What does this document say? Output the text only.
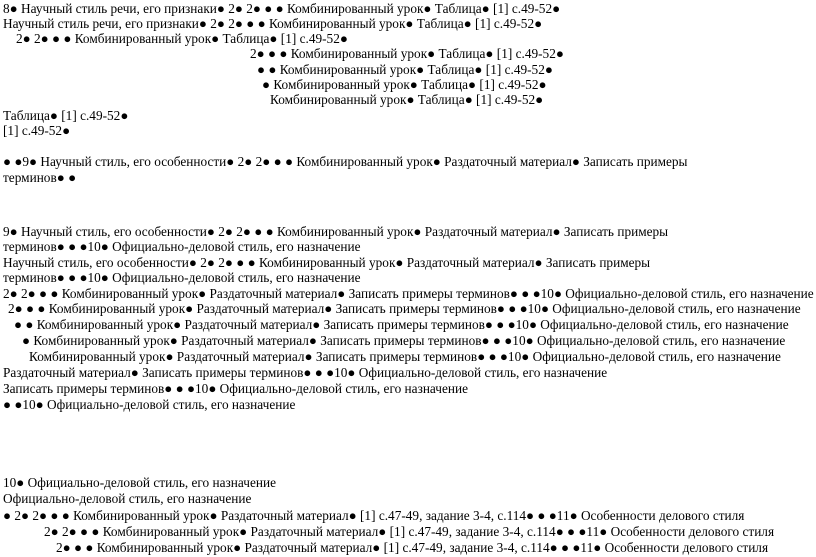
8● Научный стиль речи, его признаки● 2● 2● ● ● Комбинированный урок● Таблица● [1] с.49-52●
Научный стиль речи, его признаки● 2● 2● ● ● Комбинированный урок● Таблица● [1] с.49-52●
2● 2● ● ● Комбинированный урок● Таблица● [1] с.49-52●
2● ● ● Комбинированный урок● Таблица● [1] с.49-52●
● ● Комбинированный урок● Таблица● [1] с.49-52●
● Комбинированный урок● Таблица● [1] с.49-52●
Комбинированный урок● Таблица● [1] с.49-52●
Таблица● [1] с.49-52●
[1] с.49-52●
● ●9● Научный стиль, его особенности● 2● 2● ● ● Комбинированный урок● Раздаточный материал● Записать примеры
терминов● ●
9● Научный стиль, его особенности● 2● 2● ● ● Комбинированный урок● Раздаточный материал● Записать примеры
терминов● ● ●10● Официально-деловой стиль, его назначение
Научный стиль, его особенности● 2● 2● ● ● Комбинированный урок● Раздаточный материал● Записать примеры
терминов● ● ●10● Официально-деловой стиль, его назначение
2● 2● ● ● Комбинированный урок● Раздаточный материал● Записать примеры терминов● ● ●10● Официально-деловой стиль, его назначение
2● ● ● Комбинированный урок● Раздаточный материал● Записать примеры терминов● ● ●10● Официально-деловой стиль, его назначение
● ● Комбинированный урок● Раздаточный материал● Записать примеры терминов● ● ●10● Официально-деловой стиль, его назначение
● Комбинированный урок● Раздаточный материал● Записать примеры терминов● ● ●10● Официально-деловой стиль, его назначение
Комбинированный урок● Раздаточный материал● Записать примеры терминов● ● ●10● Официально-деловой стиль, его назначение
Раздаточный материал● Записать примеры терминов● ● ●10● Официально-деловой стиль, его назначение
Записать примеры терминов● ● ●10● Официально-деловой стиль, его назначение
● ●10● Официально-деловой стиль, его назначение
10● Официально-деловой стиль, его назначение
Официально-деловой стиль, его назначение
● 2● 2● ● ● Комбинированный урок● Раздаточный материал● [1] с.47-49, задание 3-4, с.114● ● ●11● Особенности делового стиля
2● 2● ● ● Комбинированный урок● Раздаточный материал● [1] с.47-49, задание 3-4, с.114● ● ●11● Особенности делового стиля
2● ● ● Комбинированный урок● Раздаточный материал● [1] с.47-49, задание 3-4, с.114● ● ●11● Особенности делового стиля
